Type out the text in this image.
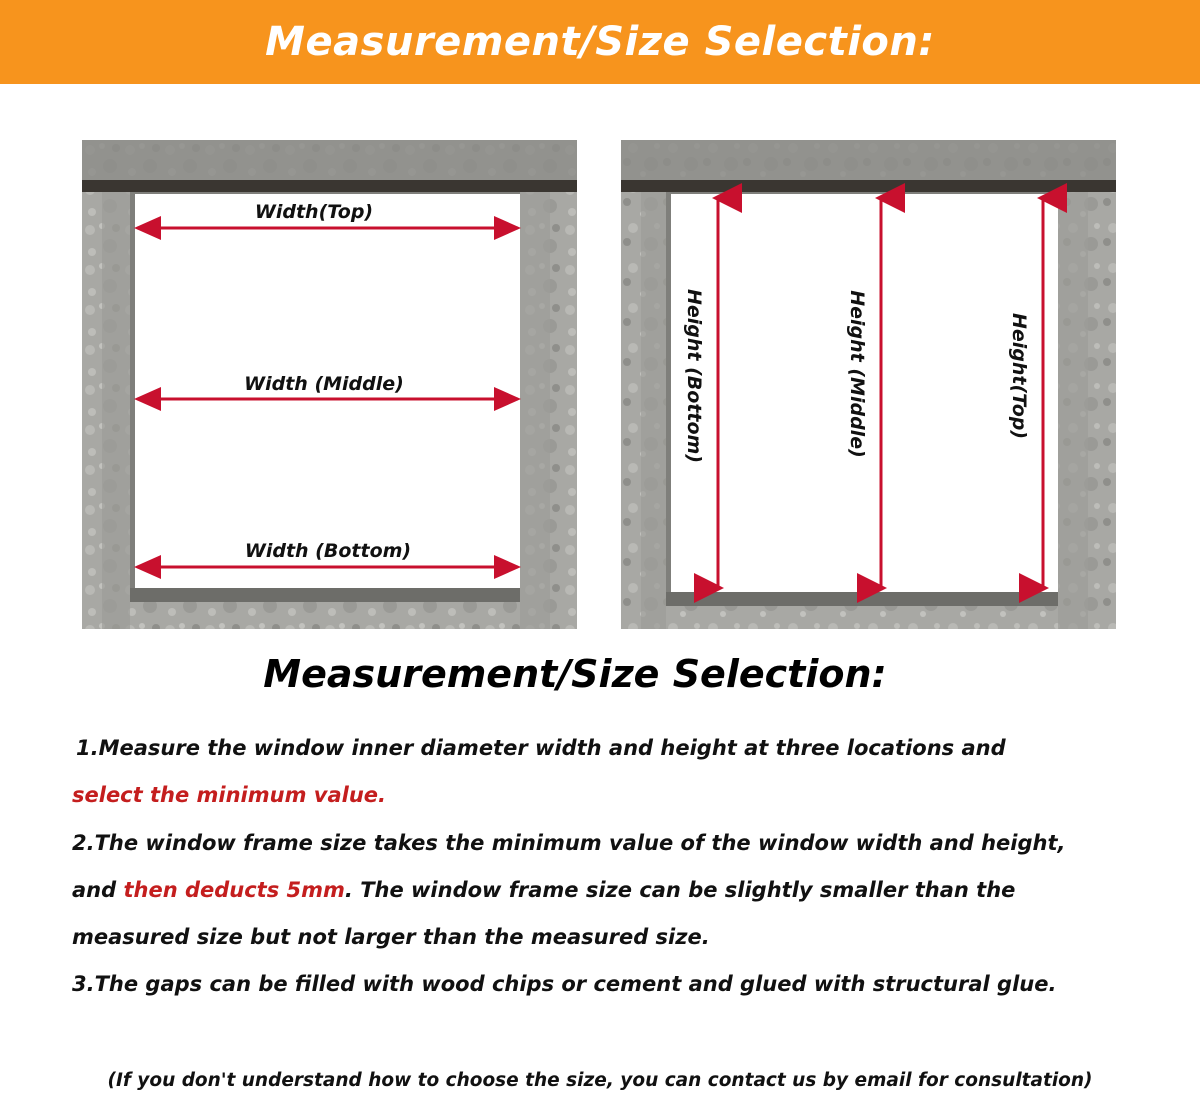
Measurement/Size Selection:
Width(Top)
Width (Middle)
Width (Bottom)
Height (Bottom)	Height (Middle)	Height(Top)
Measurement/Size Selection:
1.Measure the window inner diameter width and height at three locations and
select the minimum value.
2.The window frame size takes the minimum value of the window width and height,
and then deducts 5mm. The window frame size can be slightly smaller than the
measured size but not larger than the measured size.
3.The gaps can be filled with wood chips or cement and glued with structural glue.
(If you don't understand how to choose the size, you can contact us by email for consultation)
